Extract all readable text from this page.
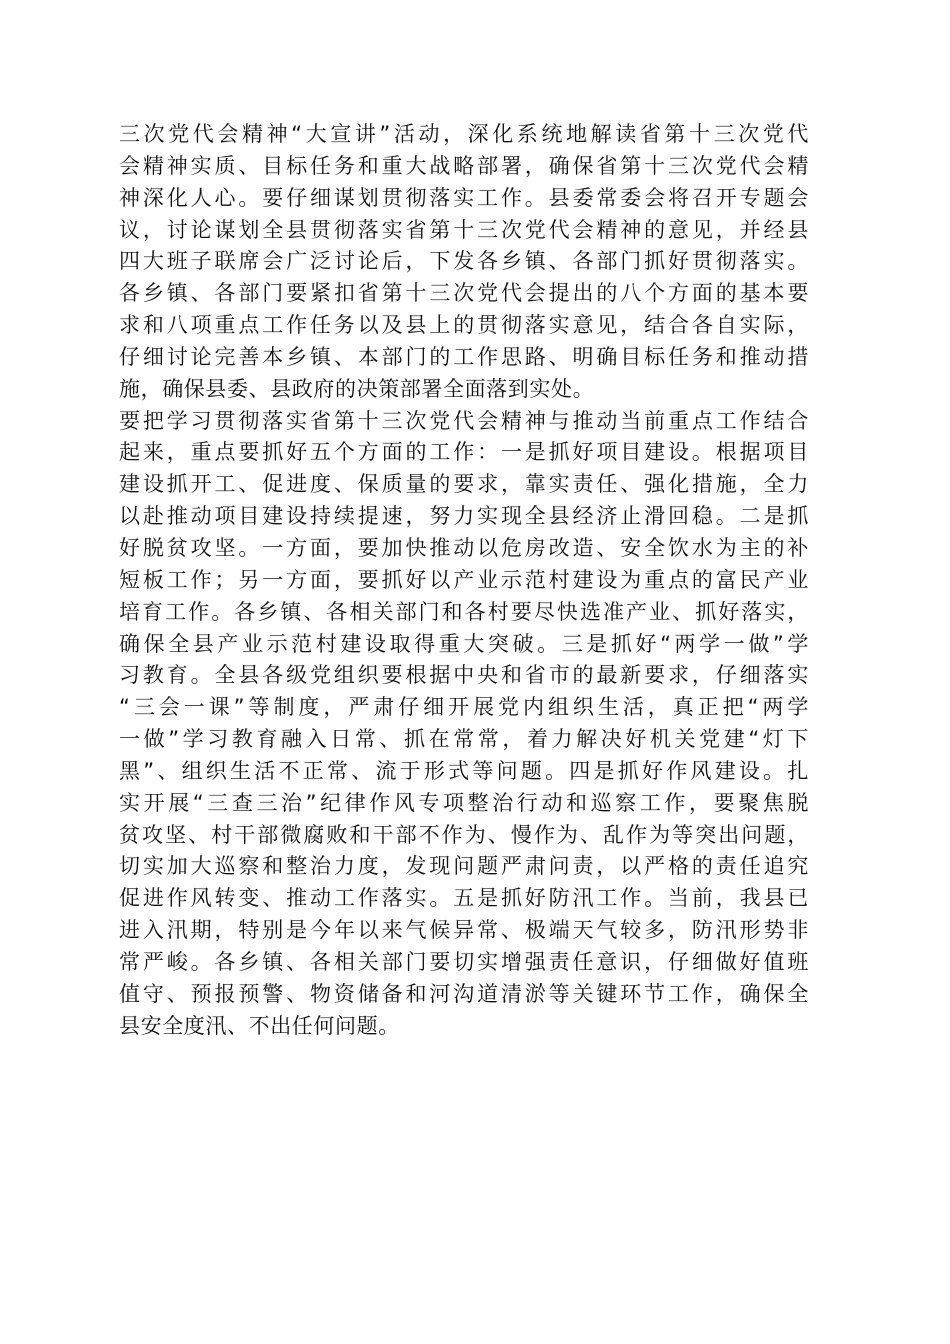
三次党代会精神“大宣讲”活动，深化系统地解读省第十三次党代
会精神实质、目标任务和重大战略部署，确保省第十三次党代会精
神深化人心。要仔细谋划贯彻落实工作。县委常委会将召开专题会
议，讨论谋划全县贯彻落实省第十三次党代会精神的意见，并经县
四大班子联席会广泛讨论后，下发各乡镇、各部门抓好贯彻落实。
各乡镇、各部门要紧扣省第十三次党代会提出的八个方面的基本要
求和八项重点工作任务以及县上的贯彻落实意见，结合各自实际，
仔细讨论完善本乡镇、本部门的工作思路、明确目标任务和推动措
施，确保县委、县政府的决策部署全面落到实处。
要把学习贯彻落实省第十三次党代会精神与推动当前重点工作结合
起来，重点要抓好五个方面的工作：一是抓好项目建设。根据项目
建设抓开工、促进度、保质量的要求，靠实责任、强化措施，全力
以赴推动项目建设持续提速，努力实现全县经济止滑回稳。二是抓
好脱贫攻坚。一方面，要加快推动以危房改造、安全饮水为主的补
短板工作；另一方面，要抓好以产业示范村建设为重点的富民产业
培育工作。各乡镇、各相关部门和各村要尽快选准产业、抓好落实，
确保全县产业示范村建设取得重大突破。三是抓好“两学一做”学
习教育。全县各级党组织要根据中央和省市的最新要求，仔细落实
“三会一课”等制度，严肃仔细开展党内组织生活，真正把“两学
一做”学习教育融入日常、抓在常常，着力解决好机关党建“灯下
黑”、组织生活不正常、流于形式等问题。四是抓好作风建设。扎
实开展“三查三治”纪律作风专项整治行动和巡察工作，要聚焦脱
贫攻坚、村干部微腐败和干部不作为、慢作为、乱作为等突出问题，
切实加大巡察和整治力度，发现问题严肃问责，以严格的责任追究
促进作风转变、推动工作落实。五是抓好防汛工作。当前，我县已
进入汛期，特别是今年以来气候异常、极端天气较多，防汛形势非
常严峻。各乡镇、各相关部门要切实增强责任意识，仔细做好值班
值守、预报预警、物资储备和河沟道清淤等关键环节工作，确保全
县安全度汛、不出任何问题。
